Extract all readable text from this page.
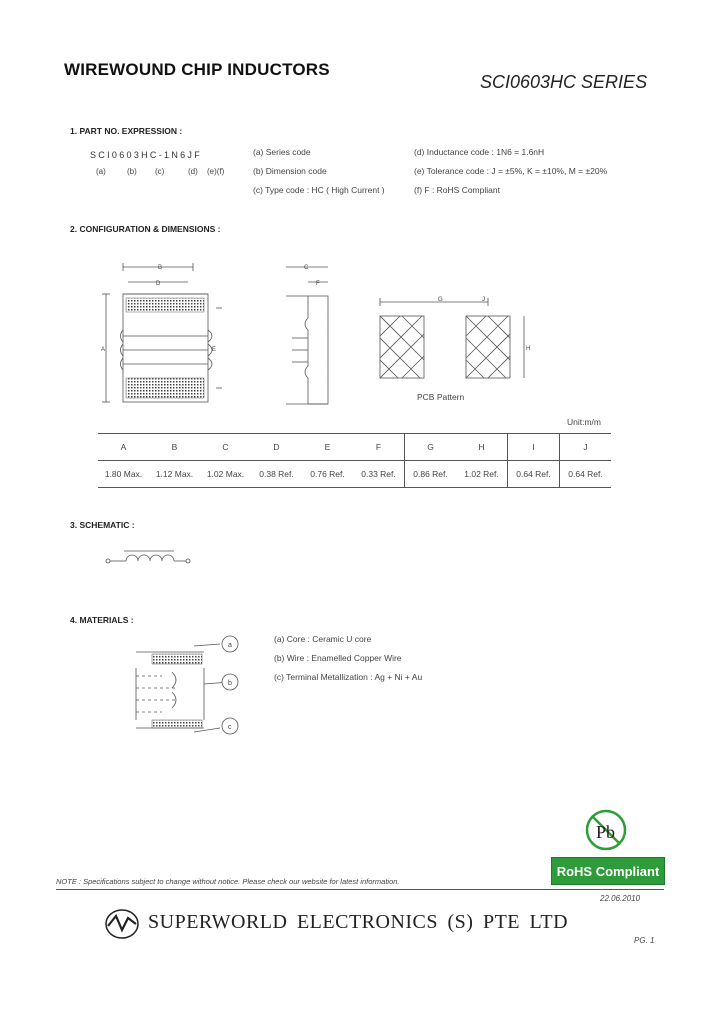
WIREWOUND CHIP INDUCTORS
SCI0603HC SERIES
1. PART NO. EXPRESSION :
SCI0603HC-1N6JF
(a)	(b) (c)	(d) (e)(f)
(a) Series code
(b) Dimension code
(c) Type code : HC ( High Current )
(d) Inductance code : 1N6 = 1.6nH
(e) Tolerance code : J = ±5%, K = ±10%, M = ±20%
(f) F : RoHS Compliant
2. CONFIGURATION & DIMENSIONS :
B
D
A	E
C
F
G	J
H
PCB Pattern
Unit:m/m
A	B	C	D	E	F	G	H	I	J
1.80 Max.	1.12 Max.	1.02 Max.	0.38 Ref.	0.76 Ref.	0.33 Ref.	0.86 Ref.	1.02 Ref.	0.64 Ref.	0.64 Ref.
3. SCHEMATIC :
4. MATERIALS :
a
b
c
(a) Core : Ceramic U core
(b) Wire : Enamelled Copper Wire
(c) Terminal Metallization : Ag + Ni + Au
Pb
RoHS Compliant
NOTE : Specifications subject to change without notice. Please check our website for latest information.
22.06.2010
SUPERWORLD ELECTRONICS (S) PTE LTD
PG. 1
